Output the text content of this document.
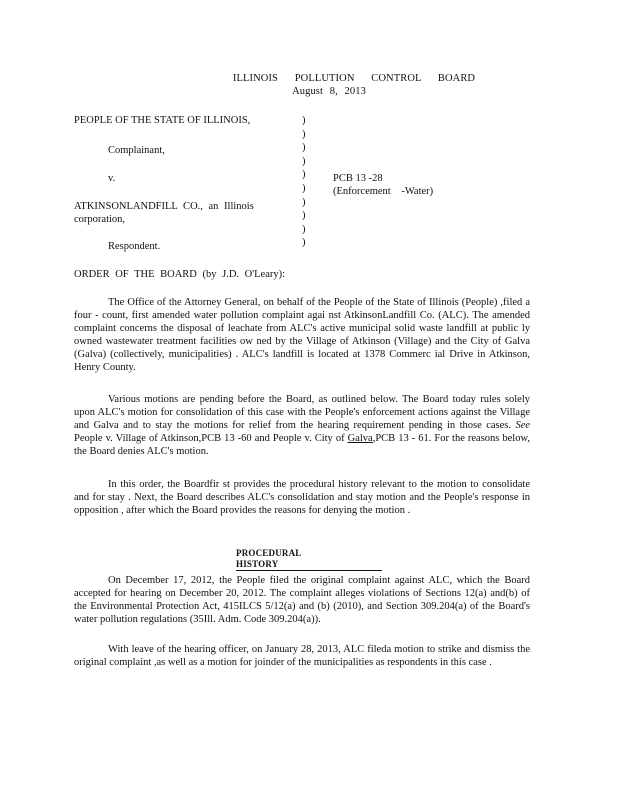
ILLINOIS POLLUTION CONTROL BOARD
August 8, 2013
PEOPLE OF THE STATE OF ILLINOIS,
Complainant,
v.
ATKINSONLANDFILL CO., an Illinois
corporation,
Respondent.
)
)
)
)
)
)
)
)
)
)
PCB 13 -28
(Enforcement -Water)
ORDER OF THE BOARD (by J.D. O'Leary):
The Office of the Attorney General, on behalf of the People of the State of Illinois (People) ,filed a four - count, first amended water pollution complaint agai nst AtkinsonLandfill Co. (ALC). The amended complaint concerns the disposal of leachate from ALC's active municipal solid waste landfill at public ly owned wastewater treatment facilities ow ned by the Village of Atkinson (Village) and the City of Galva (Galva) (collectively, municipalities) . ALC's landfill is located at 1378 Commerc ial Drive in Atkinson, Henry County.
Various motions are pending before the Board, as outlined below. The Board today rules solely upon ALC's motion for consolidation of this case with the People's enforcement actions against the Village and Galva and to stay the motions for relief from the hearing requirement pending in those cases. See People v. Village of Atkinson,PCB 13 -60 and People v. City of Galva,PCB 13 - 61. For the reasons below, the Board denies ALC's motion.
In this order, the Boardfir st provides the procedural history relevant to the motion to consolidate and for stay . Next, the Board describes ALC's consolidation and stay motion and the People's response in opposition , after which the Board provides the reasons for denying the motion .
PROCEDURAL HISTORY
On December 17, 2012, the People filed the original complaint against ALC, which the Board accepted for hearing on December 20, 2012. The complaint alleges violations of Sections 12(a) and(b) of the Environmental Protection Act, 415ILCS 5/12(a) and (b) (2010), and Section 309.204(a) of the Board's water pollution regulations (35Ill. Adm. Code 309.204(a)).
With leave of the hearing officer, on January 28, 2013, ALC fileda motion to strike and dismiss the original complaint ,as well as a motion for joinder of the municipalities as respondents in this case .
